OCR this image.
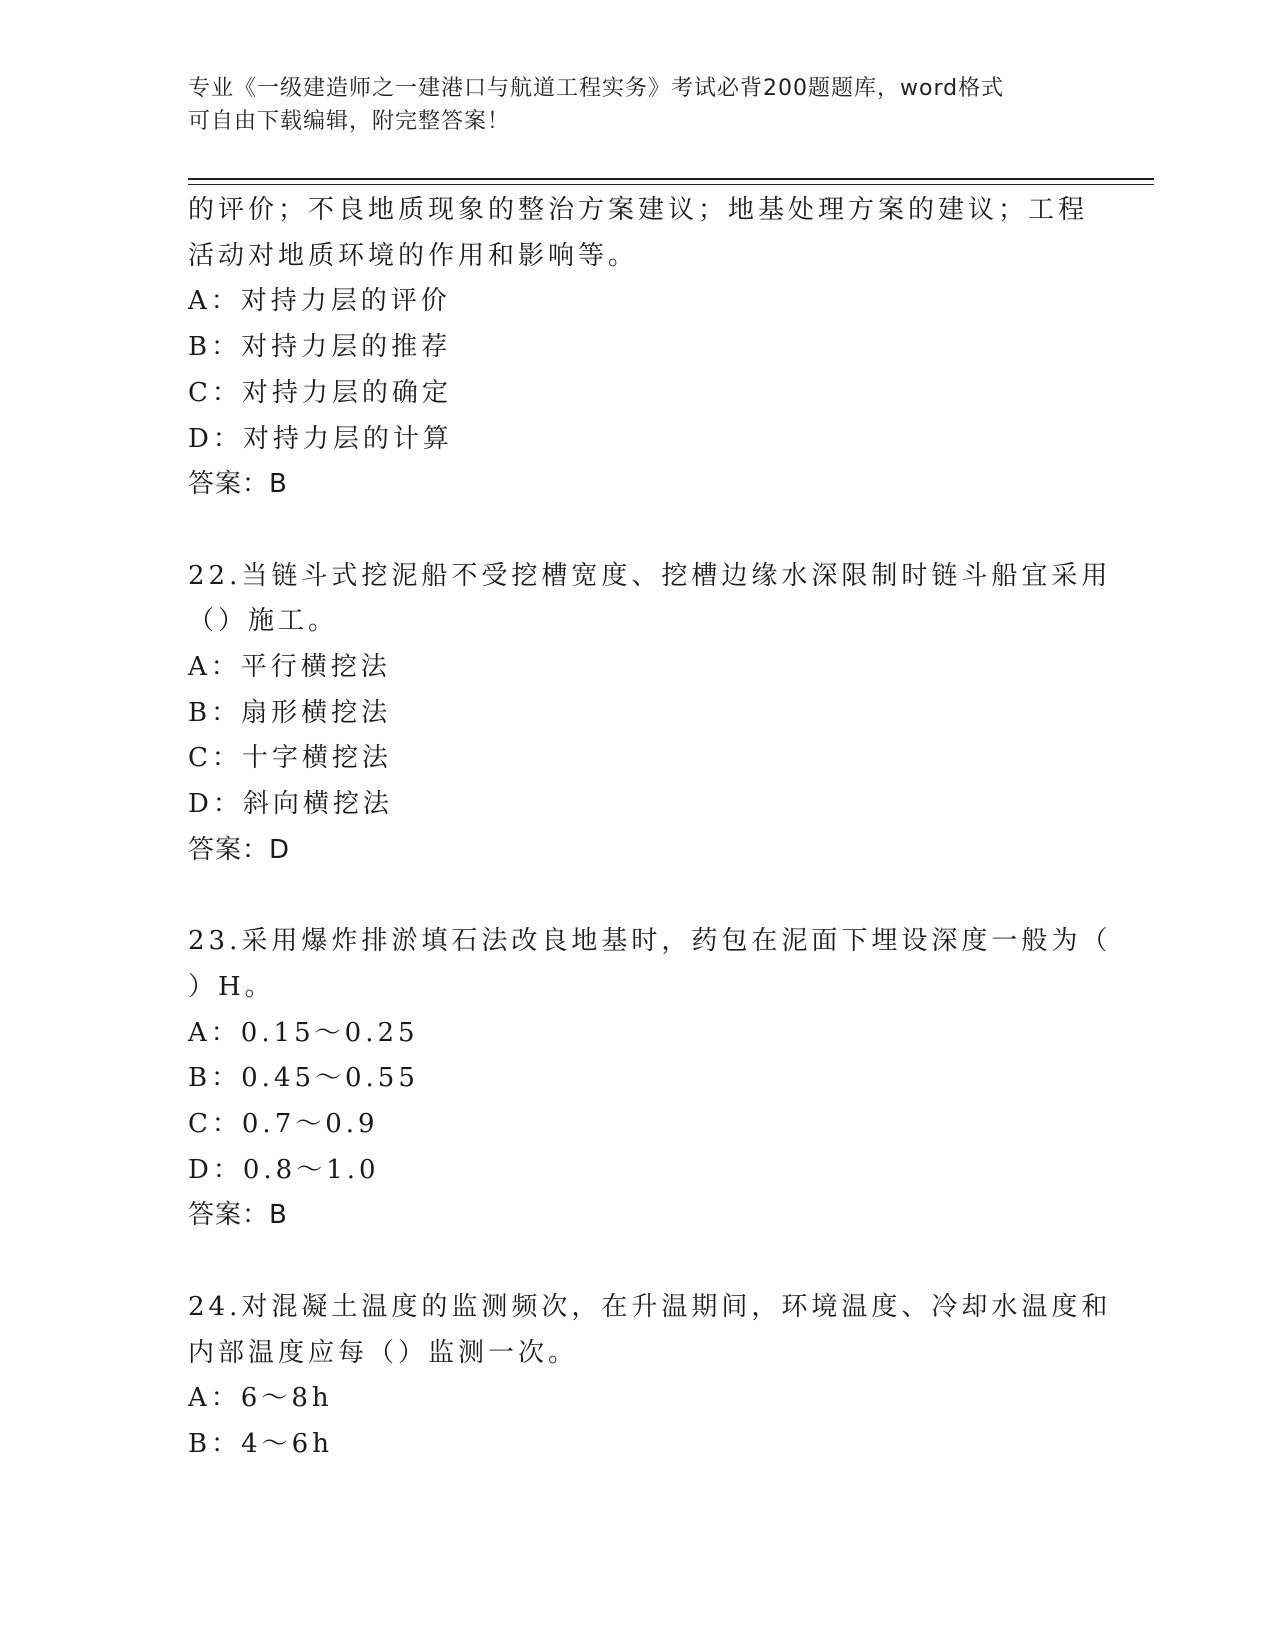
专业《一级建造师之一建港口与航道工程实务》考试必背200题题库，word格式
可自由下载编辑，附完整答案！
的评价；不良地质现象的整治方案建议；地基处理方案的建议；工程
活动对地质环境的作用和影响等。
A：对持力层的评价
B：对持力层的推荐
C：对持力层的确定
D：对持力层的计算
答案：B
22.当链斗式挖泥船不受挖槽宽度、挖槽边缘水深限制时链斗船宜采用
（）施工。
A：平行横挖法
B：扇形横挖法
C：十字横挖法
D：斜向横挖法
答案：D
23.采用爆炸排淤填石法改良地基时，药包在泥面下埋设深度一般为（
）H。
A：0.15～0.25
B：0.45～0.55
C：0.7～0.9
D：0.8～1.0
答案：B
24.对混凝土温度的监测频次，在升温期间，环境温度、冷却水温度和
内部温度应每（）监测一次。
A：6～8h
B：4～6h
